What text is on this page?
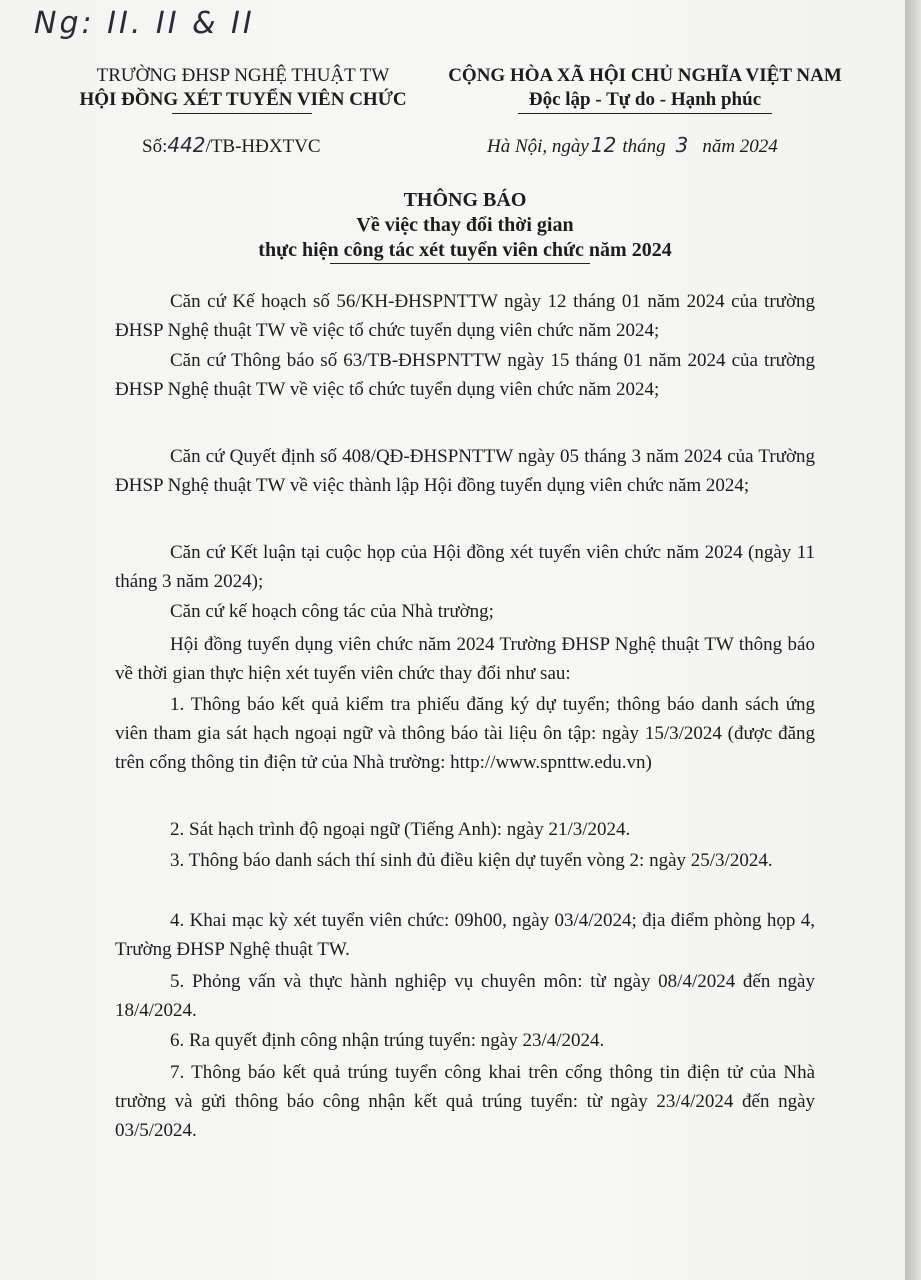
Ng: II. II & II
TRƯỜNG ĐHSP NGHỆ THUẬT TW
HỘI ĐỒNG XÉT TUYỂN VIÊN CHỨC
CỘNG HÒA XÃ HỘI CHỦ NGHĨA VIỆT NAM
Độc lập - Tự do - Hạnh phúc
Số:442/TB-HĐXTVC	Hà Nội, ngày 12 tháng 3 năm 2024
THÔNG BÁO
Về việc thay đổi thời gian
thực hiện công tác xét tuyển viên chức năm 2024
Căn cứ Kế hoạch số 56/KH-ĐHSPNTTW ngày 12 tháng 01 năm 2024 của trường ĐHSP Nghệ thuật TW về việc tổ chức tuyển dụng viên chức năm 2024;
Căn cứ Thông báo số 63/TB-ĐHSPNTTW ngày 15 tháng 01 năm 2024 của trường ĐHSP Nghệ thuật TW về việc tổ chức tuyển dụng viên chức năm 2024;
Căn cứ Quyết định số 408/QĐ-ĐHSPNTTW ngày 05 tháng 3 năm 2024 của Trường ĐHSP Nghệ thuật TW về việc thành lập Hội đồng tuyển dụng viên chức năm 2024;
Căn cứ Kết luận tại cuộc họp của Hội đồng xét tuyển viên chức năm 2024 (ngày 11 tháng 3 năm 2024);
Căn cứ kế hoạch công tác của Nhà trường;
Hội đồng tuyển dụng viên chức năm 2024 Trường ĐHSP Nghệ thuật TW thông báo về thời gian thực hiện xét tuyển viên chức thay đổi như sau:
1. Thông báo kết quả kiểm tra phiếu đăng ký dự tuyển; thông báo danh sách ứng viên tham gia sát hạch ngoại ngữ và thông báo tài liệu ôn tập: ngày 15/3/2024 (được đăng trên cổng thông tin điện tử của Nhà trường: http://www.spnttw.edu.vn)
2. Sát hạch trình độ ngoại ngữ (Tiếng Anh): ngày 21/3/2024.
3. Thông báo danh sách thí sinh đủ điều kiện dự tuyển vòng 2: ngày 25/3/2024.
4. Khai mạc kỳ xét tuyển viên chức: 09h00, ngày 03/4/2024; địa điểm phòng họp 4, Trường ĐHSP Nghệ thuật TW.
5. Phỏng vấn và thực hành nghiệp vụ chuyên môn: từ ngày 08/4/2024 đến ngày 18/4/2024.
6. Ra quyết định công nhận trúng tuyển: ngày 23/4/2024.
7. Thông báo kết quả trúng tuyển công khai trên cổng thông tin điện tử của Nhà trường và gửi thông báo công nhận kết quả trúng tuyển: từ ngày 23/4/2024 đến ngày 03/5/2024.
